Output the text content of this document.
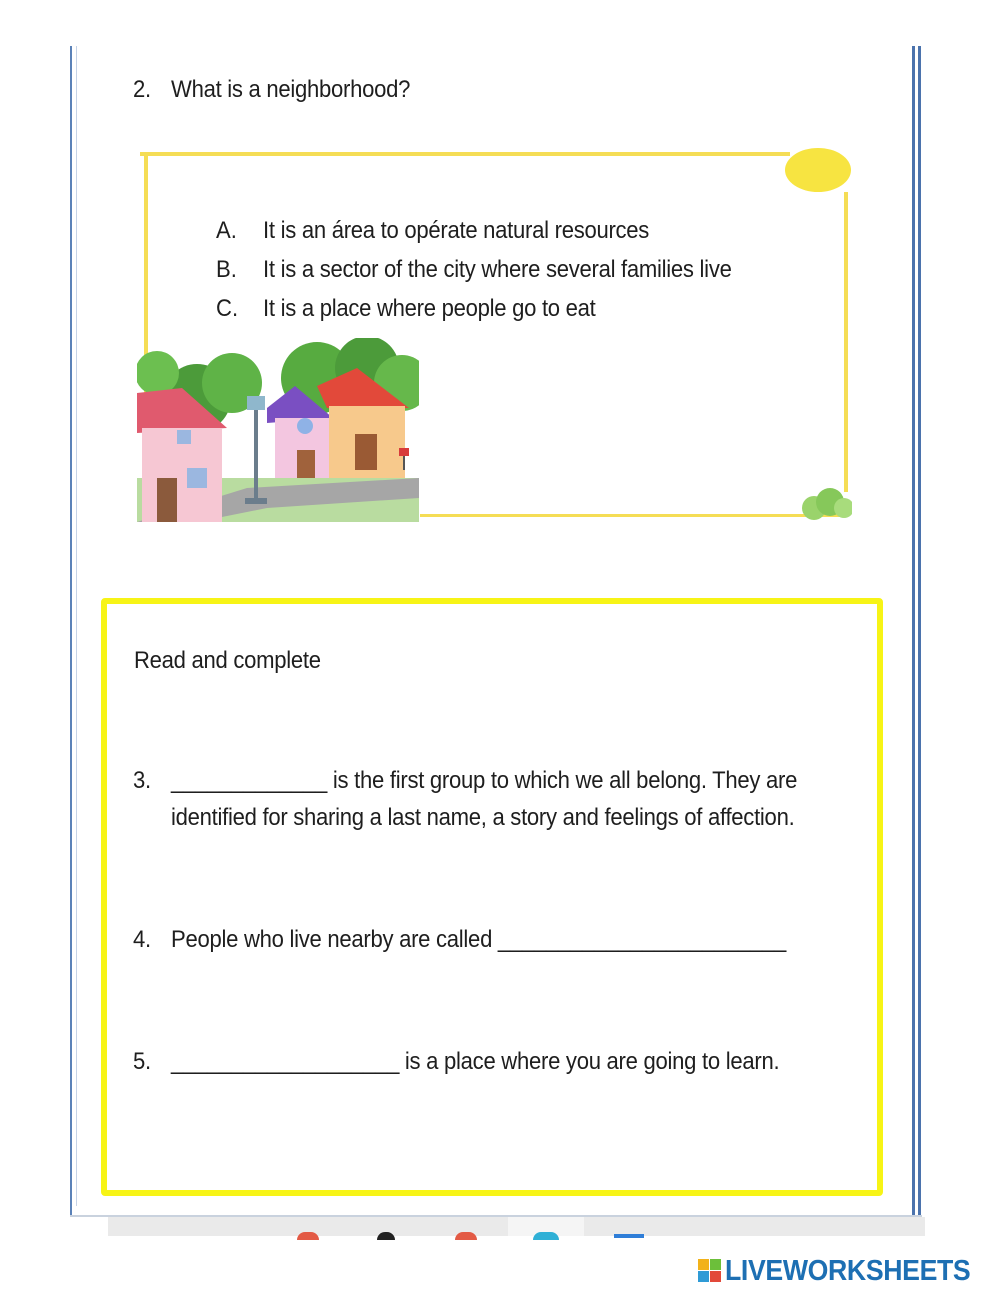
2. What is a neighborhood?
A. It is an área to opérate natural resources
B. It is a sector of the city where several families live
C. It is a place where people go to eat
Read and complete
3. _____________ is the first group to which we all belong. They are
identified for sharing a last name, a story and feelings of affection.
4. People who live nearby are called ________________________
5. ___________________ is a place where you are going to learn.
LIVEWORKSHEETS
